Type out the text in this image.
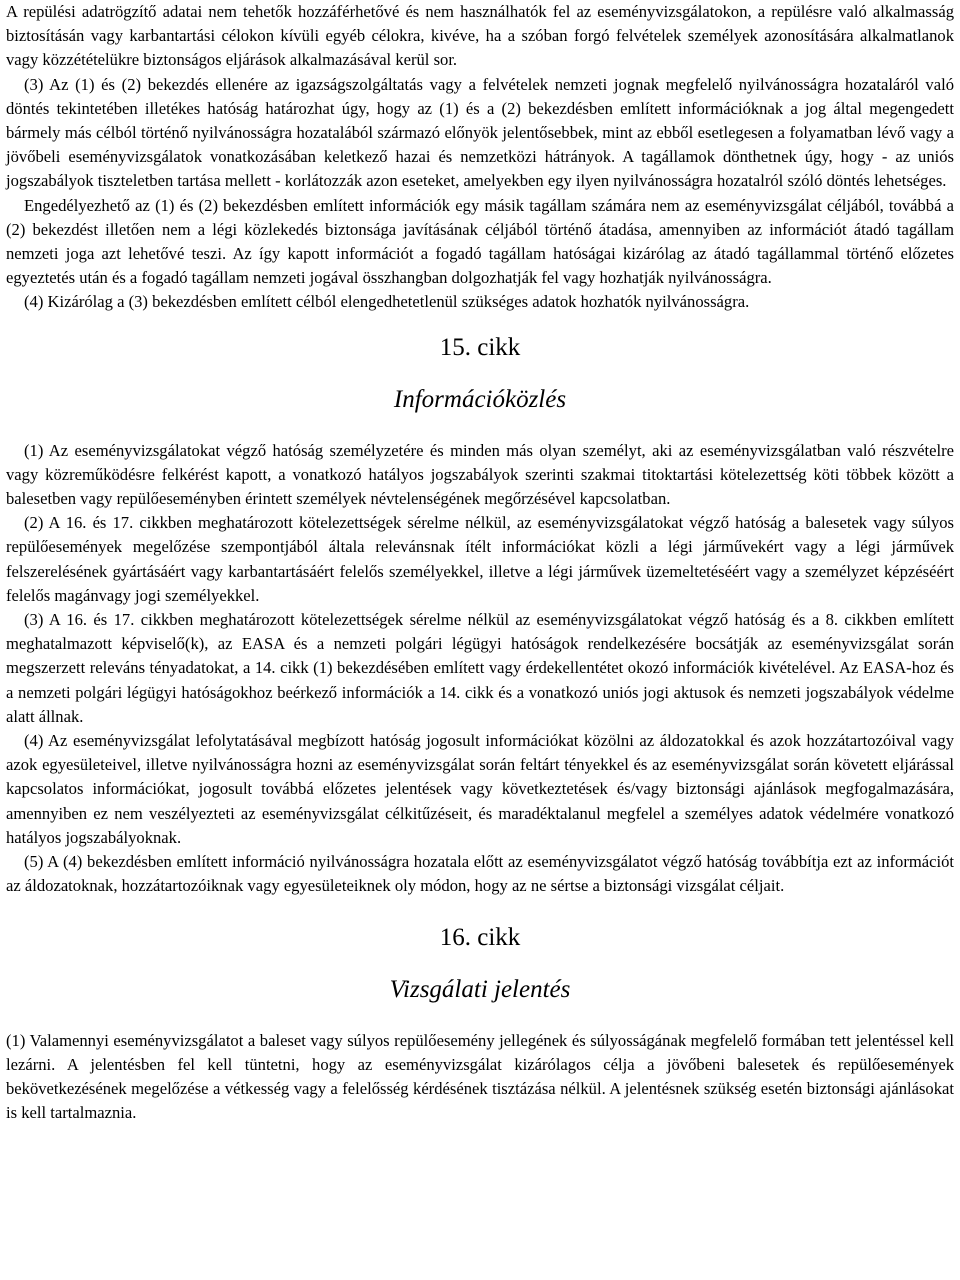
A repülési adatrögzítő adatai nem tehetők hozzáférhetővé és nem használhatók fel az eseményvizsgálatokon, a repülésre való alkalmasság biztosításán vagy karbantartási célokon kívüli egyéb célokra, kivéve, ha a szóban forgó felvételek személyek azonosítására alkalmatlanok vagy közzétételükre biztonságos eljárások alkalmazásával kerül sor.

(3) Az (1) és (2) bekezdés ellenére az igazságszolgáltatás vagy a felvételek nemzeti jognak megfelelő nyilvánosságra hozataláról való döntés tekintetében illetékes hatóság határozhat úgy, hogy az (1) és a (2) bekezdésben említett információknak a jog által megengedett bármely más célból történő nyilvánosságra hozatalából származó előnyök jelentősebbek, mint az ebből esetlegesen a folyamatban lévő vagy a jövőbeli eseményvizsgálatok vonatkozásában keletkező hazai és nemzetközi hátrányok. A tagállamok dönthetnek úgy, hogy - az uniós jogszabályok tiszteletben tartása mellett - korlátozzák azon eseteket, amelyekben egy ilyen nyilvánosságra hozatalról szóló döntés lehetséges.

Engedélyezhető az (1) és (2) bekezdésben említett információk egy másik tagállam számára nem az eseményvizsgálat céljából, továbbá a (2) bekezdést illetően nem a légi közlekedés biztonsága javításának céljából történő átadása, amennyiben az információt átadó tagállam nemzeti joga azt lehetővé teszi. Az így kapott információt a fogadó tagállam hatóságai kizárólag az átadó tagállammal történő előzetes egyeztetés után és a fogadó tagállam nemzeti jogával összhangban dolgozhatják fel vagy hozhatják nyilvánosságra.

(4) Kizárólag a (3) bekezdésben említett célból elengedhetetlenül szükséges adatok hozhatók nyilvánosságra.

15. cikk
Információközlés

(1) Az eseményvizsgálatokat végző hatóság személyzetére és minden más olyan személyt, aki az eseményvizsgálatban való részvételre vagy közreműködésre felkérést kapott, a vonatkozó hatályos jogszabályok szerinti szakmai titoktartási kötelezettség köti többek között a balesetben vagy repülőeseményben érintett személyek névtelenségének megőrzésével kapcsolatban.

(2) A 16. és 17. cikkben meghatározott kötelezettségek sérelme nélkül, az eseményvizsgálatokat végző hatóság a balesetek vagy súlyos repülőesemények megelőzése szempontjából általa relevánsnak ítélt információkat közli a légi járművekért vagy a légi járművek felszerelésének gyártásáért vagy karbantartásáért felelős személyekkel, illetve a légi járművek üzemeltetéséért vagy a személyzet képzéséért felelős magánvagy jogi személyekkel.

(3) A 16. és 17. cikkben meghatározott kötelezettségek sérelme nélkül az eseményvizsgálatokat végző hatóság és a 8. cikkben említett meghatalmazott képviselő(k), az EASA és a nemzeti polgári légügyi hatóságok rendelkezésére bocsátják az eseményvizsgálat során megszerzett releváns tényadatokat, a 14. cikk (1) bekezdésében említett vagy érdekellentétet okozó információk kivételével. Az EASA-hoz és a nemzeti polgári légügyi hatóságokhoz beérkező információk a 14. cikk és a vonatkozó uniós jogi aktusok és nemzeti jogszabályok védelme alatt állnak.

(4) Az eseményvizsgálat lefolytatásával megbízott hatóság jogosult információkat közölni az áldozatokkal és azok hozzátartozóival vagy azok egyesületeivel, illetve nyilvánosságra hozni az eseményvizsgálat során feltárt tényekkel és az eseményvizsgálat során követett eljárással kapcsolatos információkat, jogosult továbbá előzetes jelentések vagy következtetések és/vagy biztonsági ajánlások megfogalmazására, amennyiben ez nem veszélyezteti az eseményvizsgálat célkitűzéseit, és maradéktalanul megfelel a személyes adatok védelmére vonatkozó hatályos jogszabályoknak.

(5) A (4) bekezdésben említett információ nyilvánosságra hozatala előtt az eseményvizsgálatot végző hatóság továbbítja ezt az információt az áldozatoknak, hozzátartozóiknak vagy egyesületeiknek oly módon, hogy az ne sértse a biztonsági vizsgálat céljait.

16. cikk
Vizsgálati jelentés

(1) Valamennyi eseményvizsgálatot a baleset vagy súlyos repülőesemény jellegének és súlyosságának megfelelő formában tett jelentéssel kell lezárni. A jelentésben fel kell tüntetni, hogy az eseményvizsgálat kizárólagos célja a jövőbeni balesetek és repülőesemények bekövetkezésének megelőzése a vétkesség vagy a felelősség kérdésének tisztázása nélkül. A jelentésnek szükség esetén biztonsági ajánlásokat is kell tartalmaznia.
